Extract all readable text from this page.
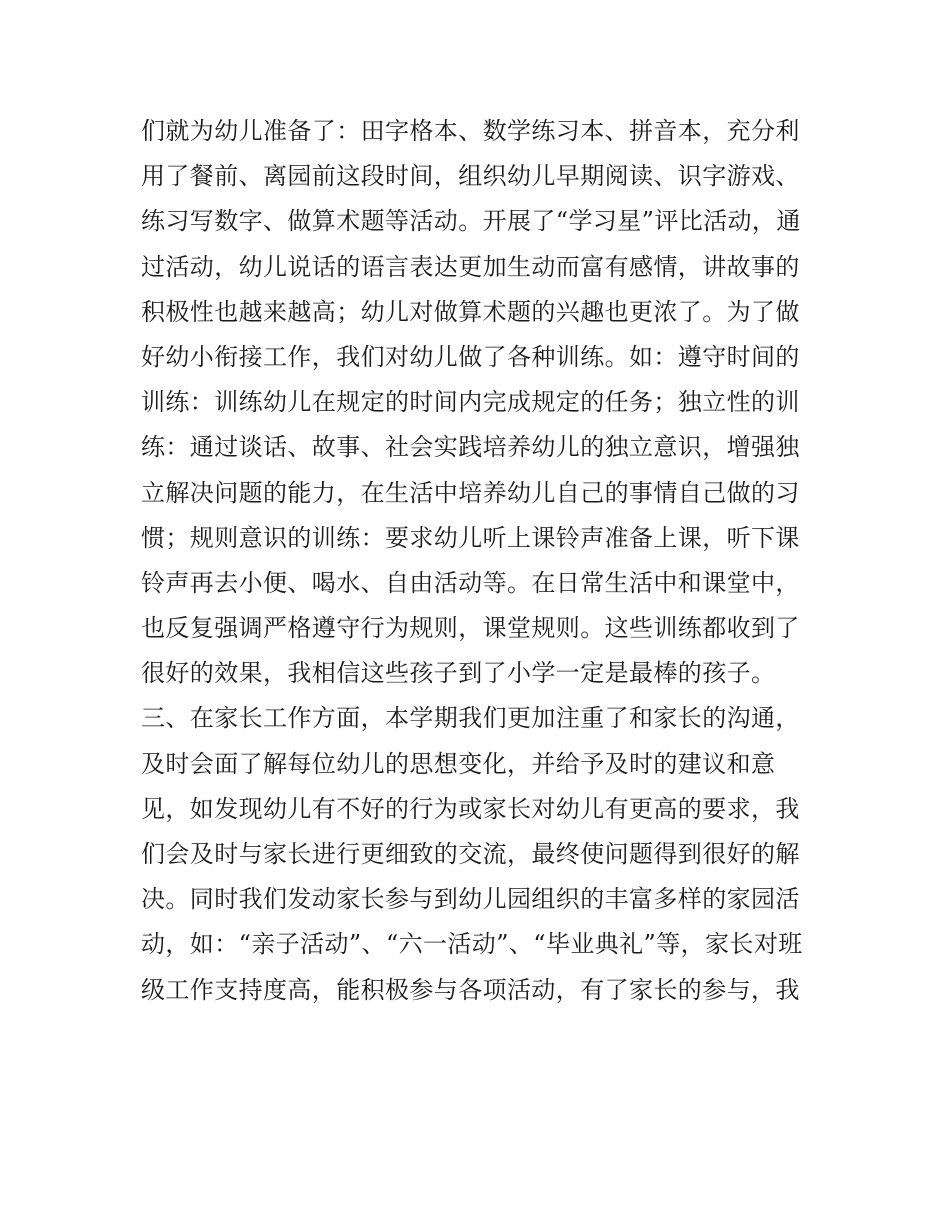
们就为幼儿准备了：田字格本、数学练习本、拼音本，充分利
用了餐前、离园前这段时间，组织幼儿早期阅读、识字游戏、
练习写数字、做算术题等活动。开展了“学习星”评比活动，通
过活动，幼儿说话的语言表达更加生动而富有感情，讲故事的
积极性也越来越高；幼儿对做算术题的兴趣也更浓了。为了做
好幼小衔接工作，我们对幼儿做了各种训练。如：遵守时间的
训练：训练幼儿在规定的时间内完成规定的任务；独立性的训
练：通过谈话、故事、社会实践培养幼儿的独立意识，增强独
立解决问题的能力，在生活中培养幼儿自己的事情自己做的习
惯；规则意识的训练：要求幼儿听上课铃声准备上课，听下课
铃声再去小便、喝水、自由活动等。在日常生活中和课堂中，
也反复强调严格遵守行为规则，课堂规则。这些训练都收到了
很好的效果，我相信这些孩子到了小学一定是最棒的孩子。
三、在家长工作方面，本学期我们更加注重了和家长的沟通，
及时会面了解每位幼儿的思想变化，并给予及时的建议和意
见，如发现幼儿有不好的行为或家长对幼儿有更高的要求，我
们会及时与家长进行更细致的交流，最终使问题得到很好的解
决。同时我们发动家长参与到幼儿园组织的丰富多样的家园活
动，如：“亲子活动”、“六一活动”、“毕业典礼”等，家长对班
级工作支持度高，能积极参与各项活动，有了家长的参与，我
